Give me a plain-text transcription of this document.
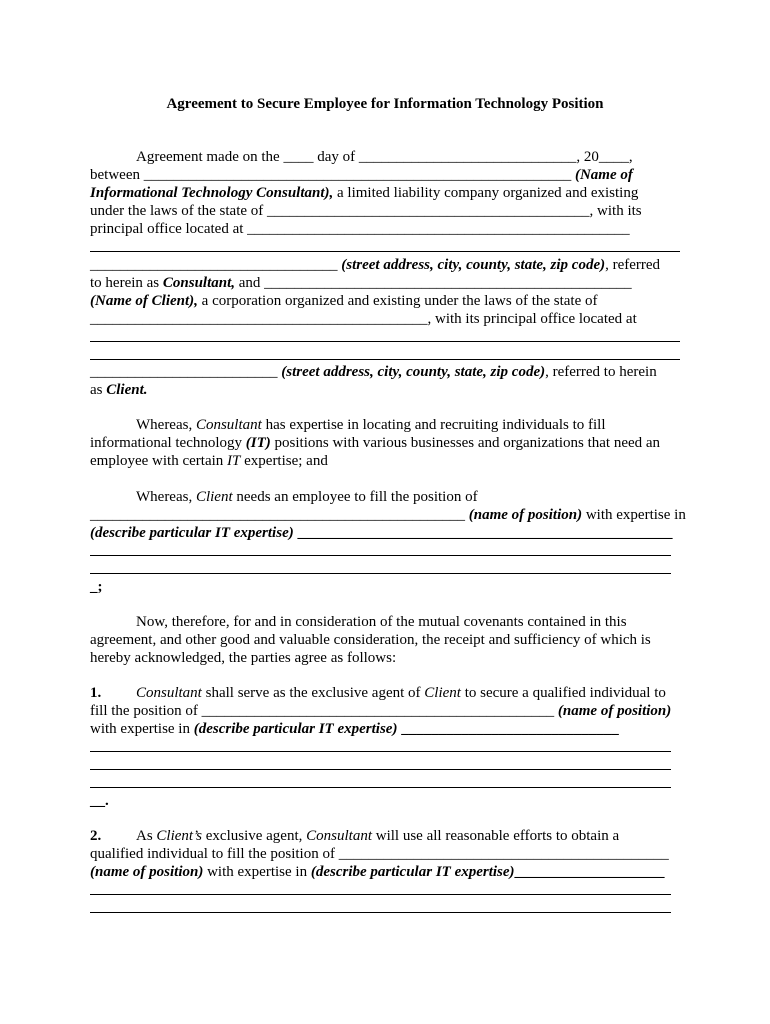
Agreement to Secure Employee for Information Technology Position
Agreement made on the ____ day of _____________________________, 20____,
between _________________________________________________________ (Name of
Informational Technology Consultant), a limited liability company organized and existing
under the laws of the state of ___________________________________________, with its
principal office located at ___________________________________________________
_________________________________ (street address, city, county, state, zip code), referred
to herein as Consultant, and _________________________________________________
(Name of Client), a corporation organized and existing under the laws of the state of
_____________________________________________, with its principal office located at
_________________________ (street address, city, county, state, zip code), referred to herein
as Client.
Whereas, Consultant has expertise in locating and recruiting individuals to fill
informational technology (IT) positions with various businesses and organizations that need an
employee with certain IT expertise; and
Whereas, Client needs an employee to fill the position of
__________________________________________________ (name of position) with expertise in
(describe particular IT expertise) __________________________________________________
_;
Now, therefore, for and in consideration of the mutual covenants contained in this
agreement, and other good and valuable consideration, the receipt and sufficiency of which is
hereby acknowledged, the parties agree as follows:
1. Consultant shall serve as the exclusive agent of Client to secure a qualified individual to
fill the position of _______________________________________________ (name of position)
with expertise in (describe particular IT expertise) _____________________________
__.
2. As Client’s exclusive agent, Consultant will use all reasonable efforts to obtain a
qualified individual to fill the position of ____________________________________________
(name of position) with expertise in (describe particular IT expertise)____________________
